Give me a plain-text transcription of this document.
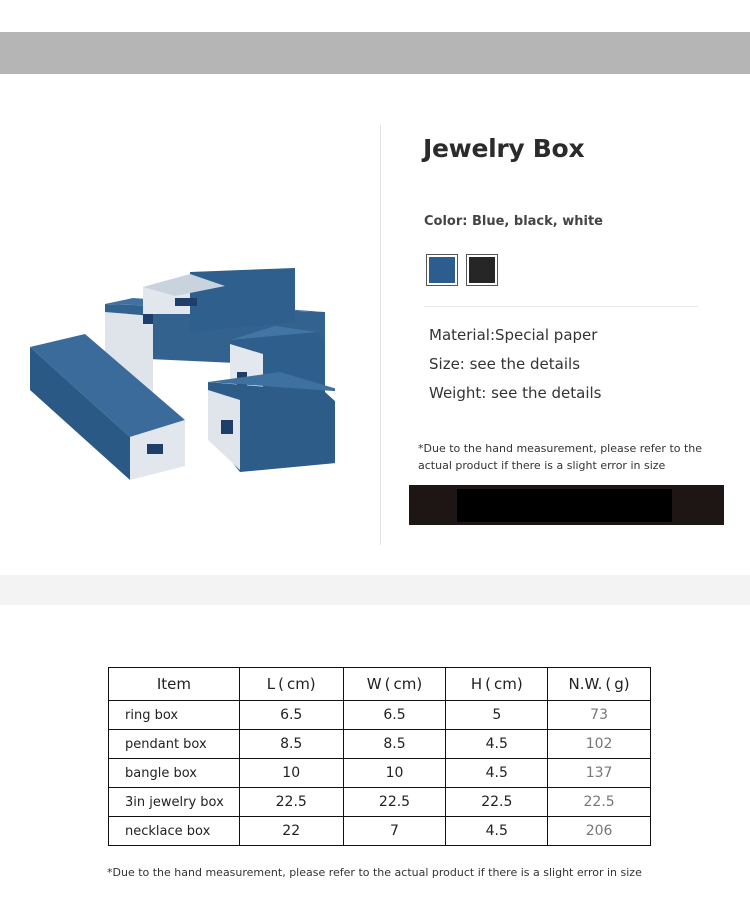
Jewelry Box
Color: Blue, black, white
Material:Special paper
Size: see the details
Weight: see the details
*Due to the hand measurement, please refer to the actual product if there is a slight error in size
Item	L ( cm)	W ( cm)	H ( cm)	N.W. ( g)
ring box	6.5	6.5	5	73
pendant box	8.5	8.5	4.5	102
bangle box	10	10	4.5	137
3in jewelry box	22.5	22.5	22.5	22.5
necklace box	22	7	4.5	206
*Due to the hand measurement, please refer to the actual product if there is a slight error in size
